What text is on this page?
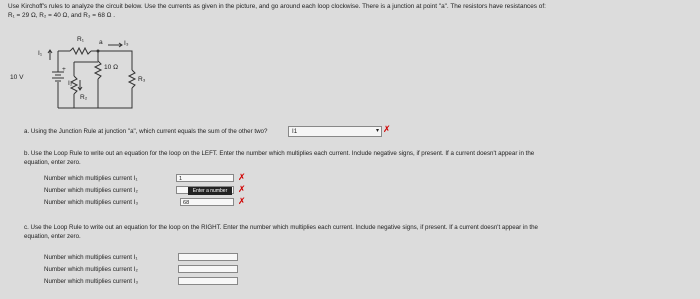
Use Kirchoff's rules to analyze the circuit below. Use the currents as given in the picture, and go around each loop clockwise. There is a junction at point "a". The resistors have resistances of:
R₁ = 29 Ω, R₂ = 40 Ω, and R₃ = 68 Ω .
R₁ a	I₃
I₁
10 Ω
10 V
+
I₂
R₂
R₃
a. Using the Junction Rule at junction "a", which current equals the sum of the other two?	I1	▾ ✗
b. Use the Loop Rule to write out an equation for the loop on the LEFT. Enter the number which multiplies each current. Include negative signs, if present. If a current doesn't appear in the
equation, enter zero.
Number which multiplies current I₁	1	✗
Number which multiplies current I₂	Enter a number	✗
Number which multiplies current I₃	68	✗
c. Use the Loop Rule to write out an equation for the loop on the RIGHT. Enter the number which multiplies each current. Include negative signs, if present. If a current doesn't appear in the
equation, enter zero.
Number which multiplies current I₁
Number which multiplies current I₂
Number which multiplies current I₃
